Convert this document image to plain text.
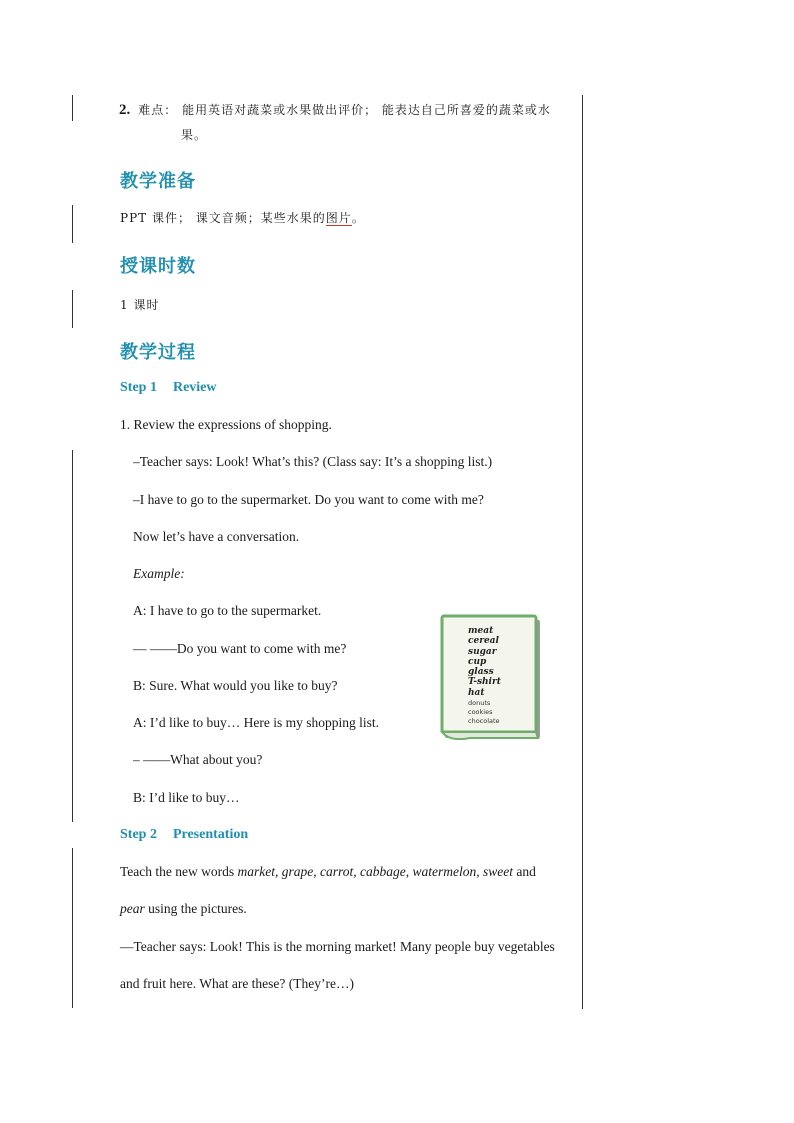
2. 难点： 能用英语对蔬菜或水果做出评价； 能表达自己所喜爱的蔬菜或水
果。
教学准备
PPT 课件； 课文音频；某些水果的图片。
授课时数
1 课时
教学过程
Step 1 Review
1. Review the expressions of shopping.
–Teacher says: Look! What’s this? (Class say: It’s a shopping list.)
–I have to go to the supermarket. Do you want to come with me?
Now let’s have a conversation.
Example:
A: I have to go to the supermarket.
— ——Do you want to come with me?
B: Sure. What would you like to buy?
A: I’d like to buy… Here is my shopping list.
– ——What about you?
B: I’d like to buy…
meat
cereal
sugar
cup
glass
T-shirt
hat
donuts
cookies
chocolate
Step 2 Presentation
Teach the new words market, grape, carrot, cabbage, watermelon, sweet and
pear using the pictures.
—Teacher says: Look! This is the morning market! Many people buy vegetables
and fruit here. What are these? (They’re…)
